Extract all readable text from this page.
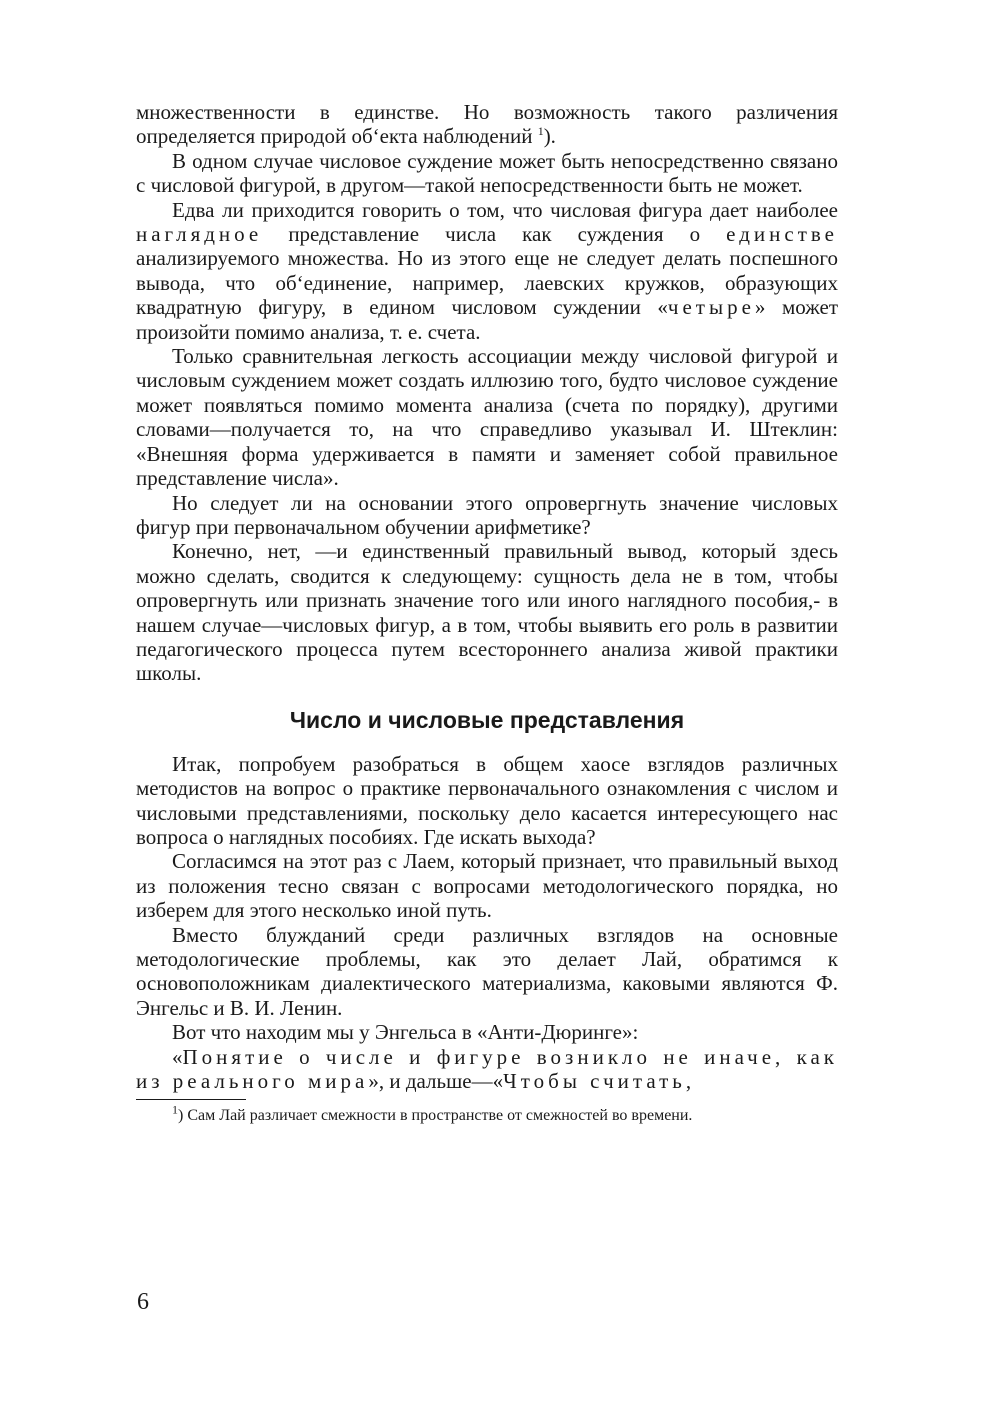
множественности в единстве. Но возможность такого различения определяется природой об‘екта наблюдений $^1$).

В одном случае числовое суждение может быть непосредственно связано с числовой фигурой, в другом—такой непосредственности быть не может.

Едва ли приходится говорить о том, что числовая фигура дает наиболее наглядное представление числа как суждения о единстве анализируемого множества. Но из этого еще не следует делать поспешного вывода, что об‘единение, например, лаевских кружков, образующих квадратную фигуру, в едином числовом суждении «четыре» может произойти помимо анализа, т. е. счета.

Только сравнительная легкость ассоциации между числовой фигурой и числовым суждением может создать иллюзию того, будто числовое суждение может появляться помимо момента анализа (счета по порядку), другими словами—получается то, на что справедливо указывал И. Штеклин: «Внешняя форма удерживается в памяти и заменяет собой правильное представление числа».

Но следует ли на основании этого опровергнуть значение числовых фигур при первоначальном обучении арифметике?

Конечно, нет, —и единственный правильный вывод, который здесь можно сделать, сводится к следующему: сущность дела не в том, чтобы опровергнуть или признать значение того или иного наглядного пособия,- в нашем случае—числовых фигур, а в том, чтобы выявить его роль в развитии педагогического процесса путем всестороннего анализа живой практики школы.

Число и числовые представления

Итак, попробуем разобраться в общем хаосе взглядов различных методистов на вопрос о практике первоначального ознакомления с числом и числовыми представлениями, поскольку дело касается интересующего нас вопроса о наглядных пособиях. Где искать выхода?

Согласимся на этот раз с Лаем, который признает, что правильный выход из положения тесно связан с вопросами методологического порядка, но изберем для этого несколько иной путь.

Вместо блужданий среди различных взглядов на основные методологические проблемы, как это делает Лай, обратимся к основоположникам диалектического материализма, каковыми являются Ф. Энгельс и В. И. Ленин.

Вот что находим мы у Энгельса в «Анти-Дюринге»:

«Понятие о числе и фигуре возникло не иначе, как из реального мира», и дальше—«Чтобы считать,

$^1$) Сам Лай различает смежности в пространстве от смежностей во времени.

6
